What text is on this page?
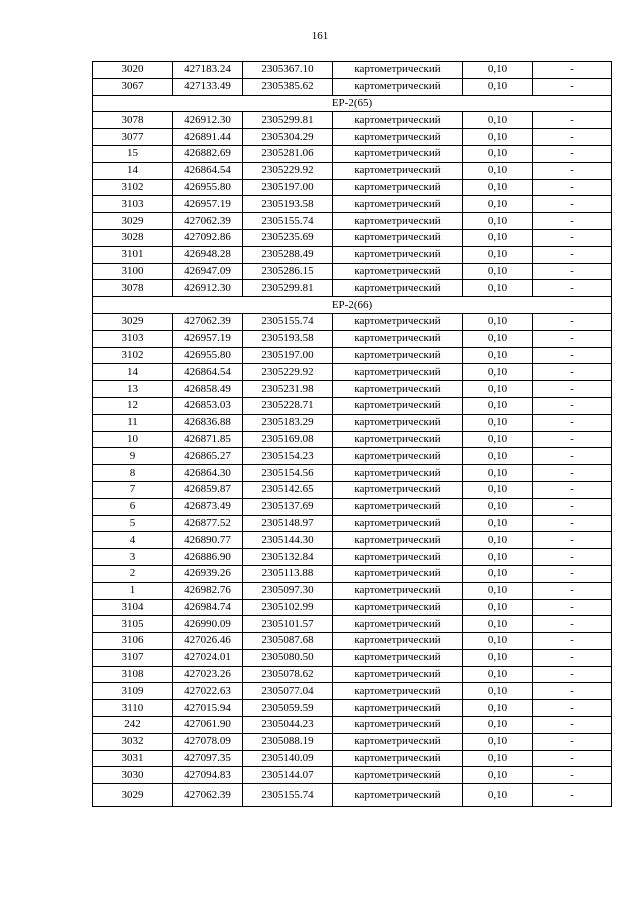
161
3020	427183.24	2305367.10	картометрический	0,10	-
3067	427133.49	2305385.62	картометрический	0,10	-
ЕР-2(65)					
3078	426912.30	2305299.81	картометрический	0,10	-
3077	426891.44	2305304.29	картометрический	0,10	-
15	426882.69	2305281.06	картометрический	0,10	-
14	426864.54	2305229.92	картометрический	0,10	-
3102	426955.80	2305197.00	картометрический	0,10	-
3103	426957.19	2305193.58	картометрический	0,10	-
3029	427062.39	2305155.74	картометрический	0,10	-
3028	427092.86	2305235.69	картометрический	0,10	-
3101	426948.28	2305288.49	картометрический	0,10	-
3100	426947.09	2305286.15	картометрический	0,10	-
3078	426912.30	2305299.81	картометрический	0,10	-
ЕР-2(66)					
3029	427062.39	2305155.74	картометрический	0,10	-
3103	426957.19	2305193.58	картометрический	0,10	-
3102	426955.80	2305197.00	картометрический	0,10	-
14	426864.54	2305229.92	картометрический	0,10	-
13	426858.49	2305231.98	картометрический	0,10	-
12	426853.03	2305228.71	картометрический	0,10	-
11	426836.88	2305183.29	картометрический	0,10	-
10	426871.85	2305169.08	картометрический	0,10	-
9	426865.27	2305154.23	картометрический	0,10	-
8	426864.30	2305154.56	картометрический	0,10	-
7	426859.87	2305142.65	картометрический	0,10	-
6	426873.49	2305137.69	картометрический	0,10	-
5	426877.52	2305148.97	картометрический	0,10	-
4	426890.77	2305144.30	картометрический	0,10	-
3	426886.90	2305132.84	картометрический	0,10	-
2	426939.26	2305113.88	картометрический	0,10	-
1	426982.76	2305097.30	картометрический	0,10	-
3104	426984.74	2305102.99	картометрический	0,10	-
3105	426990.09	2305101.57	картометрический	0,10	-
3106	427026.46	2305087.68	картометрический	0,10	-
3107	427024.01	2305080.50	картометрический	0,10	-
3108	427023.26	2305078.62	картометрический	0,10	-
3109	427022.63	2305077.04	картометрический	0,10	-
3110	427015.94	2305059.59	картометрический	0,10	-
242	427061.90	2305044.23	картометрический	0,10	-
3032	427078.09	2305088.19	картометрический	0,10	-
3031	427097.35	2305140.09	картометрический	0,10	-
3030	427094.83	2305144.07	картометрический	0,10	-
3029	427062.39	2305155.74	картометрический	0,10	-
